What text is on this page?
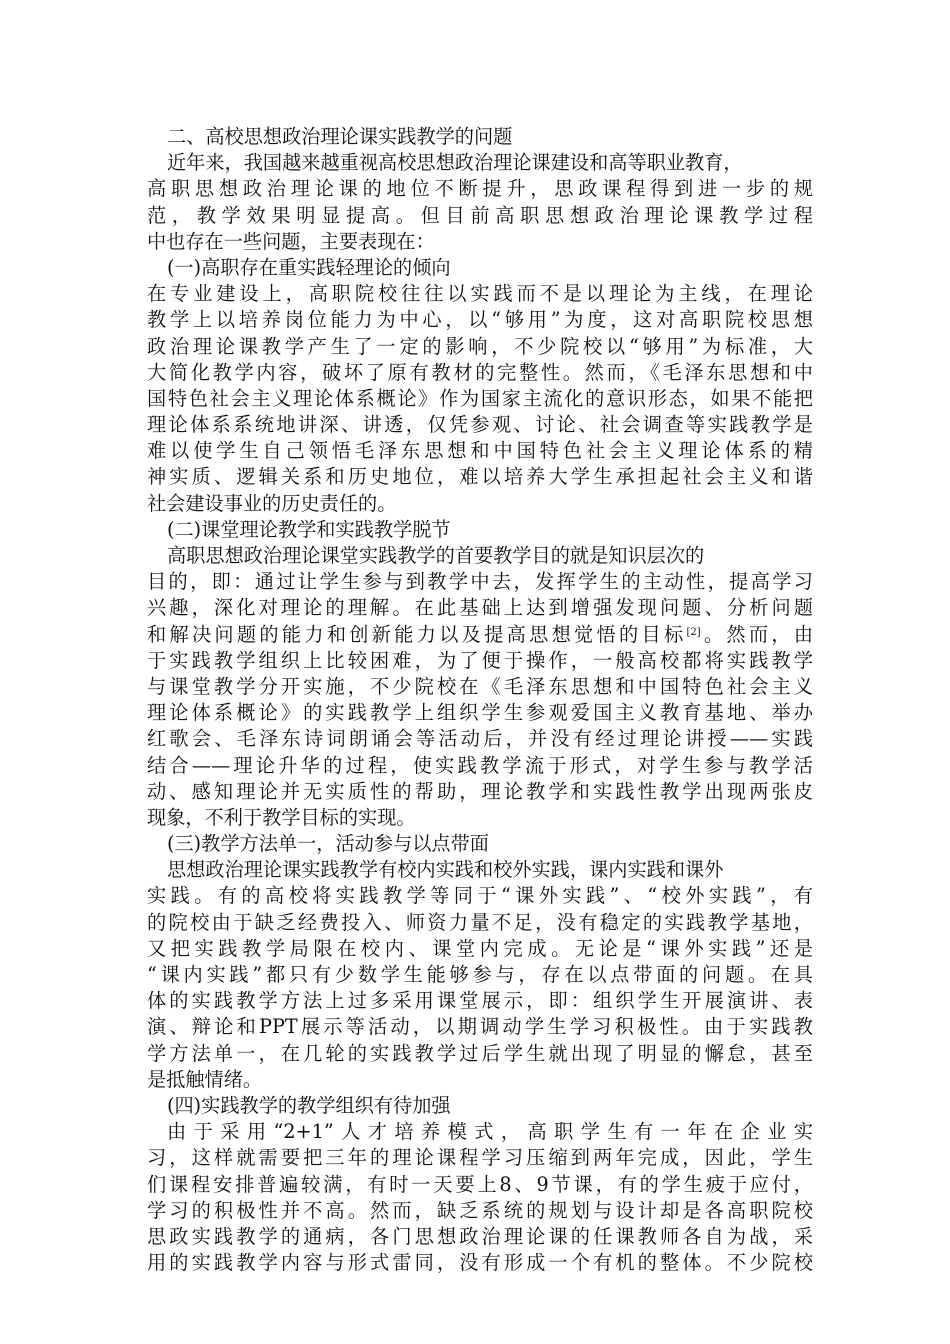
二、高校思想政治理论课实践教学的问题
近年来，我国越来越重视高校思想政治理论课建设和高等职业教育，
高职思想政治理论课的地位不断提升，思政课程得到进一步的规
范，教学效果明显提高。但目前高职思想政治理论课教学过程
中也存在一些问题，主要表现在：
(一)高职存在重实践轻理论的倾向
在专业建设上，高职院校往往以实践而不是以理论为主线，在理论
教学上以培养岗位能力为中心，以“够用”为度，这对高职院校思想
政治理论课教学产生了一定的影响，不少院校以“够用”为标准，大
大简化教学内容，破坏了原有教材的完整性。然而，《毛泽东思想和中
国特色社会主义理论体系概论》作为国家主流化的意识形态，如果不能把
理论体系系统地讲深、讲透，仅凭参观、讨论、社会调查等实践教学是
难以使学生自己领悟毛泽东思想和中国特色社会主义理论体系的精
神实质、逻辑关系和历史地位，难以培养大学生承担起社会主义和谐
社会建设事业的历史责任的。
(二)课堂理论教学和实践教学脱节
高职思想政治理论课堂实践教学的首要教学目的就是知识层次的
目的，即：通过让学生参与到教学中去，发挥学生的主动性，提高学习
兴趣，深化对理论的理解。在此基础上达到增强发现问题、分析问题
和解决问题的能力和创新能力以及提高思想觉悟的目标[2]。然而，由
于实践教学组织上比较困难，为了便于操作，一般高校都将实践教学
与课堂教学分开实施，不少院校在《毛泽东思想和中国特色社会主义
理论体系概论》的实践教学上组织学生参观爱国主义教育基地、举办
红歌会、毛泽东诗词朗诵会等活动后，并没有经过理论讲授——实践
结合——理论升华的过程，使实践教学流于形式，对学生参与教学活
动、感知理论并无实质性的帮助，理论教学和实践性教学出现两张皮
现象，不利于教学目标的实现。
(三)教学方法单一，活动参与以点带面
思想政治理论课实践教学有校内实践和校外实践，课内实践和课外
实践。有的高校将实践教学等同于“课外实践”、“校外实践”，有
的院校由于缺乏经费投入、师资力量不足，没有稳定的实践教学基地，
又把实践教学局限在校内、课堂内完成。无论是“课外实践”还是
“课内实践”都只有少数学生能够参与，存在以点带面的问题。在具
体的实践教学方法上过多采用课堂展示，即：组织学生开展演讲、表
演、辩论和PPT展示等活动，以期调动学生学习积极性。由于实践教
学方法单一，在几轮的实践教学过后学生就出现了明显的懈怠，甚至
是抵触情绪。
(四)实践教学的教学组织有待加强
由于采用“2+1”人才培养模式，高职学生有一年在企业实
习，这样就需要把三年的理论课程学习压缩到两年完成，因此，学生
们课程安排普遍较满，有时一天要上8、9节课，有的学生疲于应付，
学习的积极性并不高。然而，缺乏系统的规划与设计却是各高职院校
思政实践教学的通病，各门思想政治理论课的任课教师各自为战，采
用的实践教学内容与形式雷同，没有形成一个有机的整体。不少院校
